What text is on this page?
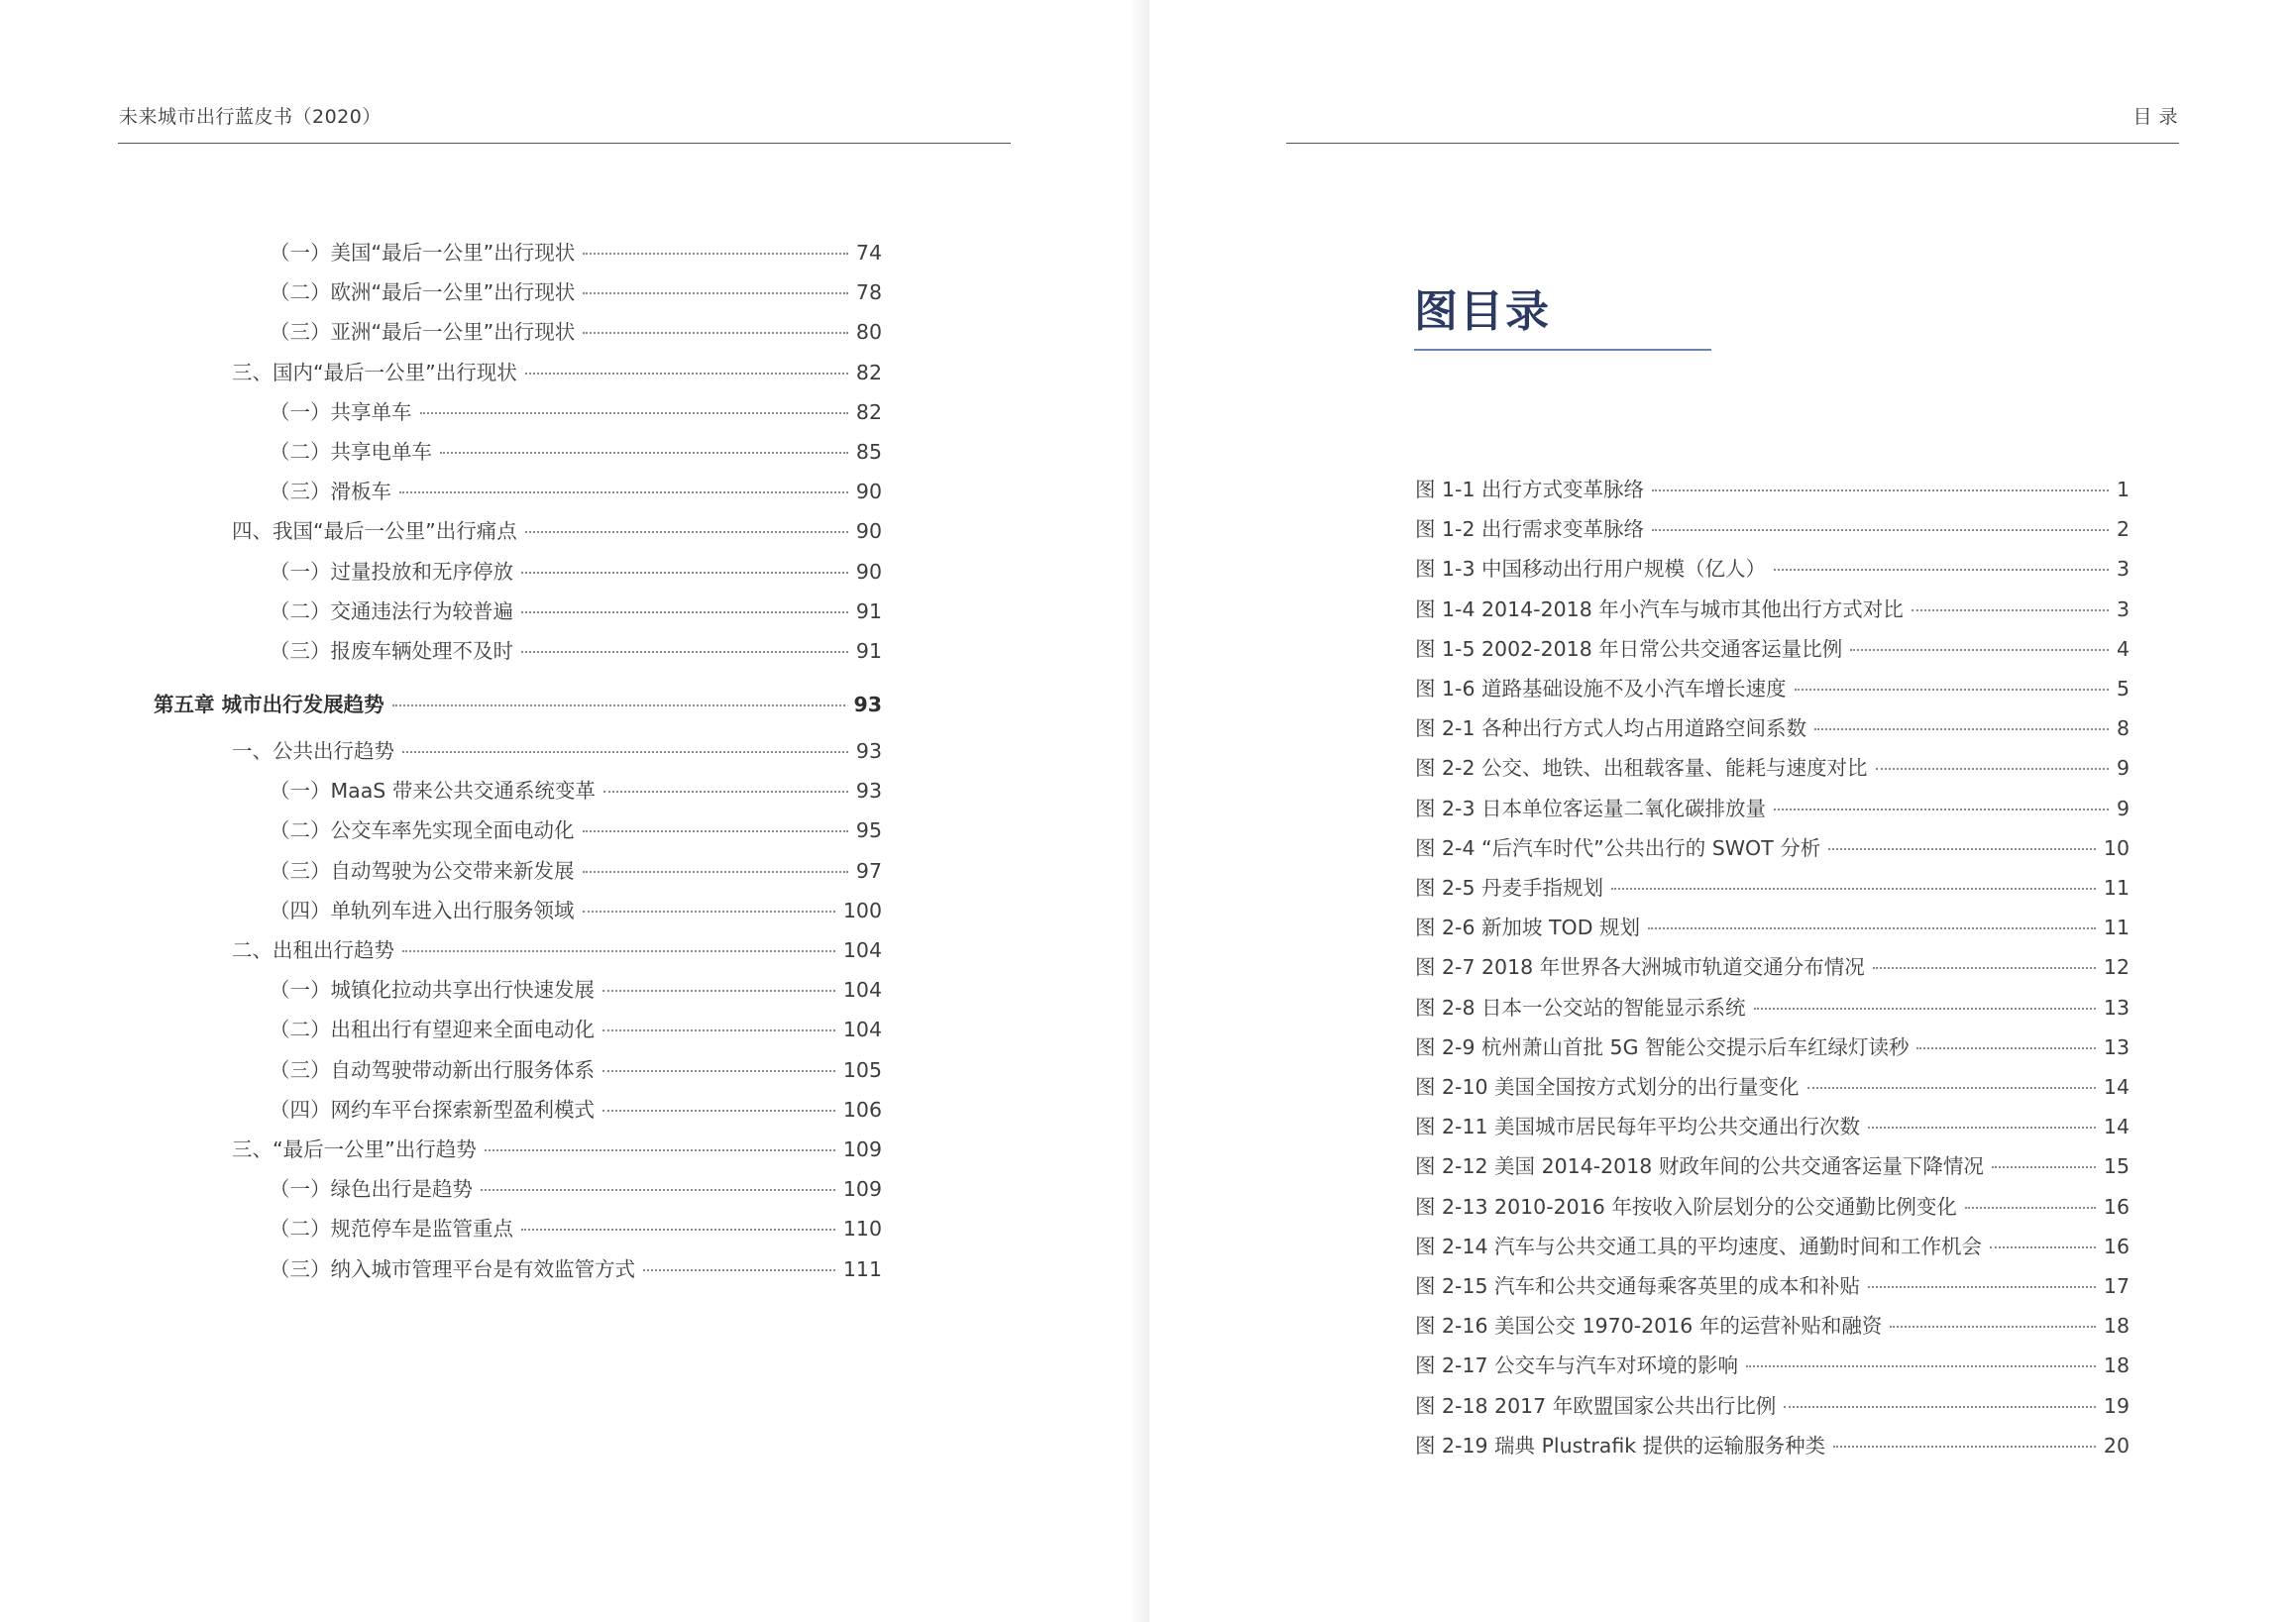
未来城市出行蓝皮书（2020）
（一）美国“最后一公里”出行现状	74
（二）欧洲“最后一公里”出行现状	78
（三）亚洲“最后一公里”出行现状	80
三、国内“最后一公里”出行现状	82
（一）共享单车	82
（二）共享电单车	85
（三）滑板车	90
四、我国“最后一公里”出行痛点	90
（一）过量投放和无序停放	90
（二）交通违法行为较普遍	91
（三）报废车辆处理不及时	91
第五章 城市出行发展趋势	93
一、公共出行趋势	93
（一）MaaS 带来公共交通系统变革	93
（二）公交车率先实现全面电动化	95
（三）自动驾驶为公交带来新发展	97
（四）单轨列车进入出行服务领域	100
二、出租出行趋势	104
（一）城镇化拉动共享出行快速发展	104
（二）出租出行有望迎来全面电动化	104
（三）自动驾驶带动新出行服务体系	105
（四）网约车平台探索新型盈利模式	106
三、“最后一公里”出行趋势	109
（一）绿色出行是趋势	109
（二）规范停车是监管重点	110
（三）纳入城市管理平台是有效监管方式	111
目 录
图目录
图 1-1 出行方式变革脉络	1
图 1-2 出行需求变革脉络	2
图 1-3 中国移动出行用户规模（亿人）	3
图 1-4 2014-2018 年小汽车与城市其他出行方式对比	3
图 1-5 2002-2018 年日常公共交通客运量比例	4
图 1-6 道路基础设施不及小汽车增长速度	5
图 2-1 各种出行方式人均占用道路空间系数	8
图 2-2 公交、地铁、出租载客量、能耗与速度对比	9
图 2-3 日本单位客运量二氧化碳排放量	9
图 2-4 “后汽车时代”公共出行的 SWOT 分析	10
图 2-5 丹麦手指规划	11
图 2-6 新加坡 TOD 规划	11
图 2-7 2018 年世界各大洲城市轨道交通分布情况	12
图 2-8 日本一公交站的智能显示系统	13
图 2-9 杭州萧山首批 5G 智能公交提示后车红绿灯读秒	13
图 2-10 美国全国按方式划分的出行量变化	14
图 2-11 美国城市居民每年平均公共交通出行次数	14
图 2-12 美国 2014-2018 财政年间的公共交通客运量下降情况	15
图 2-13 2010-2016 年按收入阶层划分的公交通勤比例变化	16
图 2-14 汽车与公共交通工具的平均速度、通勤时间和工作机会	16
图 2-15 汽车和公共交通每乘客英里的成本和补贴	17
图 2-16 美国公交 1970-2016 年的运营补贴和融资	18
图 2-17 公交车与汽车对环境的影响	18
图 2-18 2017 年欧盟国家公共出行比例	19
图 2-19 瑞典 Plustrafik 提供的运输服务种类	20
